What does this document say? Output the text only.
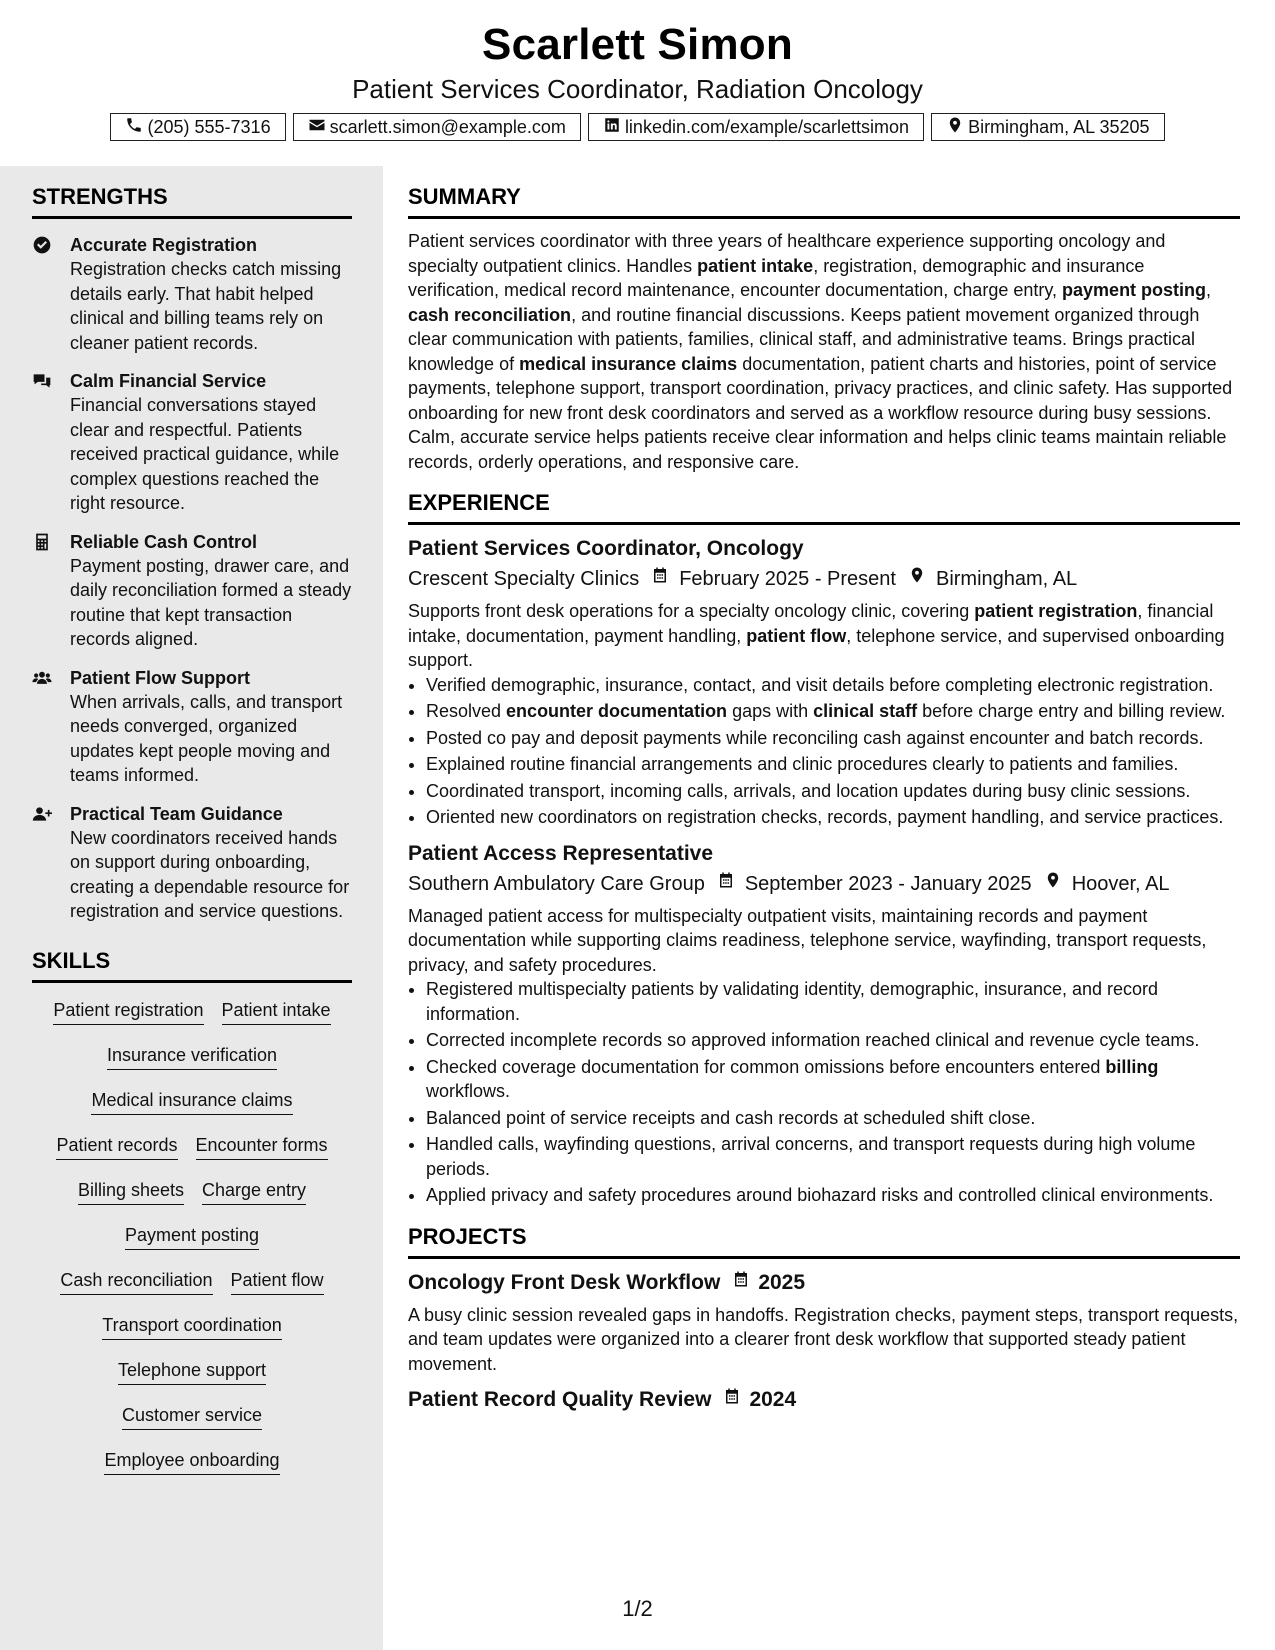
Scarlett Simon
Patient Services Coordinator, Radiation Oncology
(205) 555-7316	scarlett.simon@example.com	linkedin.com/example/scarlettsimon	Birmingham, AL 35205
STRENGTHS
Accurate Registration
Registration checks catch missing details early. That habit helped clinical and billing teams rely on cleaner patient records.
Calm Financial Service
Financial conversations stayed clear and respectful. Patients received practical guidance, while complex questions reached the right resource.
Reliable Cash Control
Payment posting, drawer care, and daily reconciliation formed a steady routine that kept transaction records aligned.
Patient Flow Support
When arrivals, calls, and transport needs converged, organized updates kept people moving and teams informed.
Practical Team Guidance
New coordinators received hands on support during onboarding, creating a dependable resource for registration and service questions.
SKILLS
Patient registration Patient intake
Insurance verification
Medical insurance claims
Patient records Encounter forms
Billing sheets Charge entry
Payment posting
Cash reconciliation Patient flow
Transport coordination
Telephone support
Customer service
Employee onboarding
SUMMARY
Patient services coordinator with three years of healthcare experience supporting oncology and specialty outpatient clinics. Handles patient intake, registration, demographic and insurance verification, medical record maintenance, encounter documentation, charge entry, payment posting, cash reconciliation, and routine financial discussions. Keeps patient movement organized through clear communication with patients, families, clinical staff, and administrative teams. Brings practical knowledge of medical insurance claims documentation, patient charts and histories, point of service payments, telephone support, transport coordination, privacy practices, and clinic safety. Has supported onboarding for new front desk coordinators and served as a workflow resource during busy sessions. Calm, accurate service helps patients receive clear information and helps clinic teams maintain reliable records, orderly operations, and responsive care.
EXPERIENCE
Patient Services Coordinator, Oncology
Crescent Specialty Clinics February 2025 - Present Birmingham, AL
Supports front desk operations for a specialty oncology clinic, covering patient registration, financial intake, documentation, payment handling, patient flow, telephone service, and supervised onboarding support.
• Verified demographic, insurance, contact, and visit details before completing electronic registration.
• Resolved encounter documentation gaps with clinical staff before charge entry and billing review.
• Posted co pay and deposit payments while reconciling cash against encounter and batch records.
• Explained routine financial arrangements and clinic procedures clearly to patients and families.
• Coordinated transport, incoming calls, arrivals, and location updates during busy clinic sessions.
• Oriented new coordinators on registration checks, records, payment handling, and service practices.
Patient Access Representative
Southern Ambulatory Care Group September 2023 - January 2025 Hoover, AL
Managed patient access for multispecialty outpatient visits, maintaining records and payment documentation while supporting claims readiness, telephone service, wayfinding, transport requests, privacy, and safety procedures.
• Registered multispecialty patients by validating identity, demographic, insurance, and record information.
• Corrected incomplete records so approved information reached clinical and revenue cycle teams.
• Checked coverage documentation for common omissions before encounters entered billing workflows.
• Balanced point of service receipts and cash records at scheduled shift close.
• Handled calls, wayfinding questions, arrival concerns, and transport requests during high volume periods.
• Applied privacy and safety procedures around biohazard risks and controlled clinical environments.
PROJECTS
Oncology Front Desk Workflow 2025
A busy clinic session revealed gaps in handoffs. Registration checks, payment steps, transport requests, and team updates were organized into a clearer front desk workflow that supported steady patient movement.
Patient Record Quality Review 2024
1/2
